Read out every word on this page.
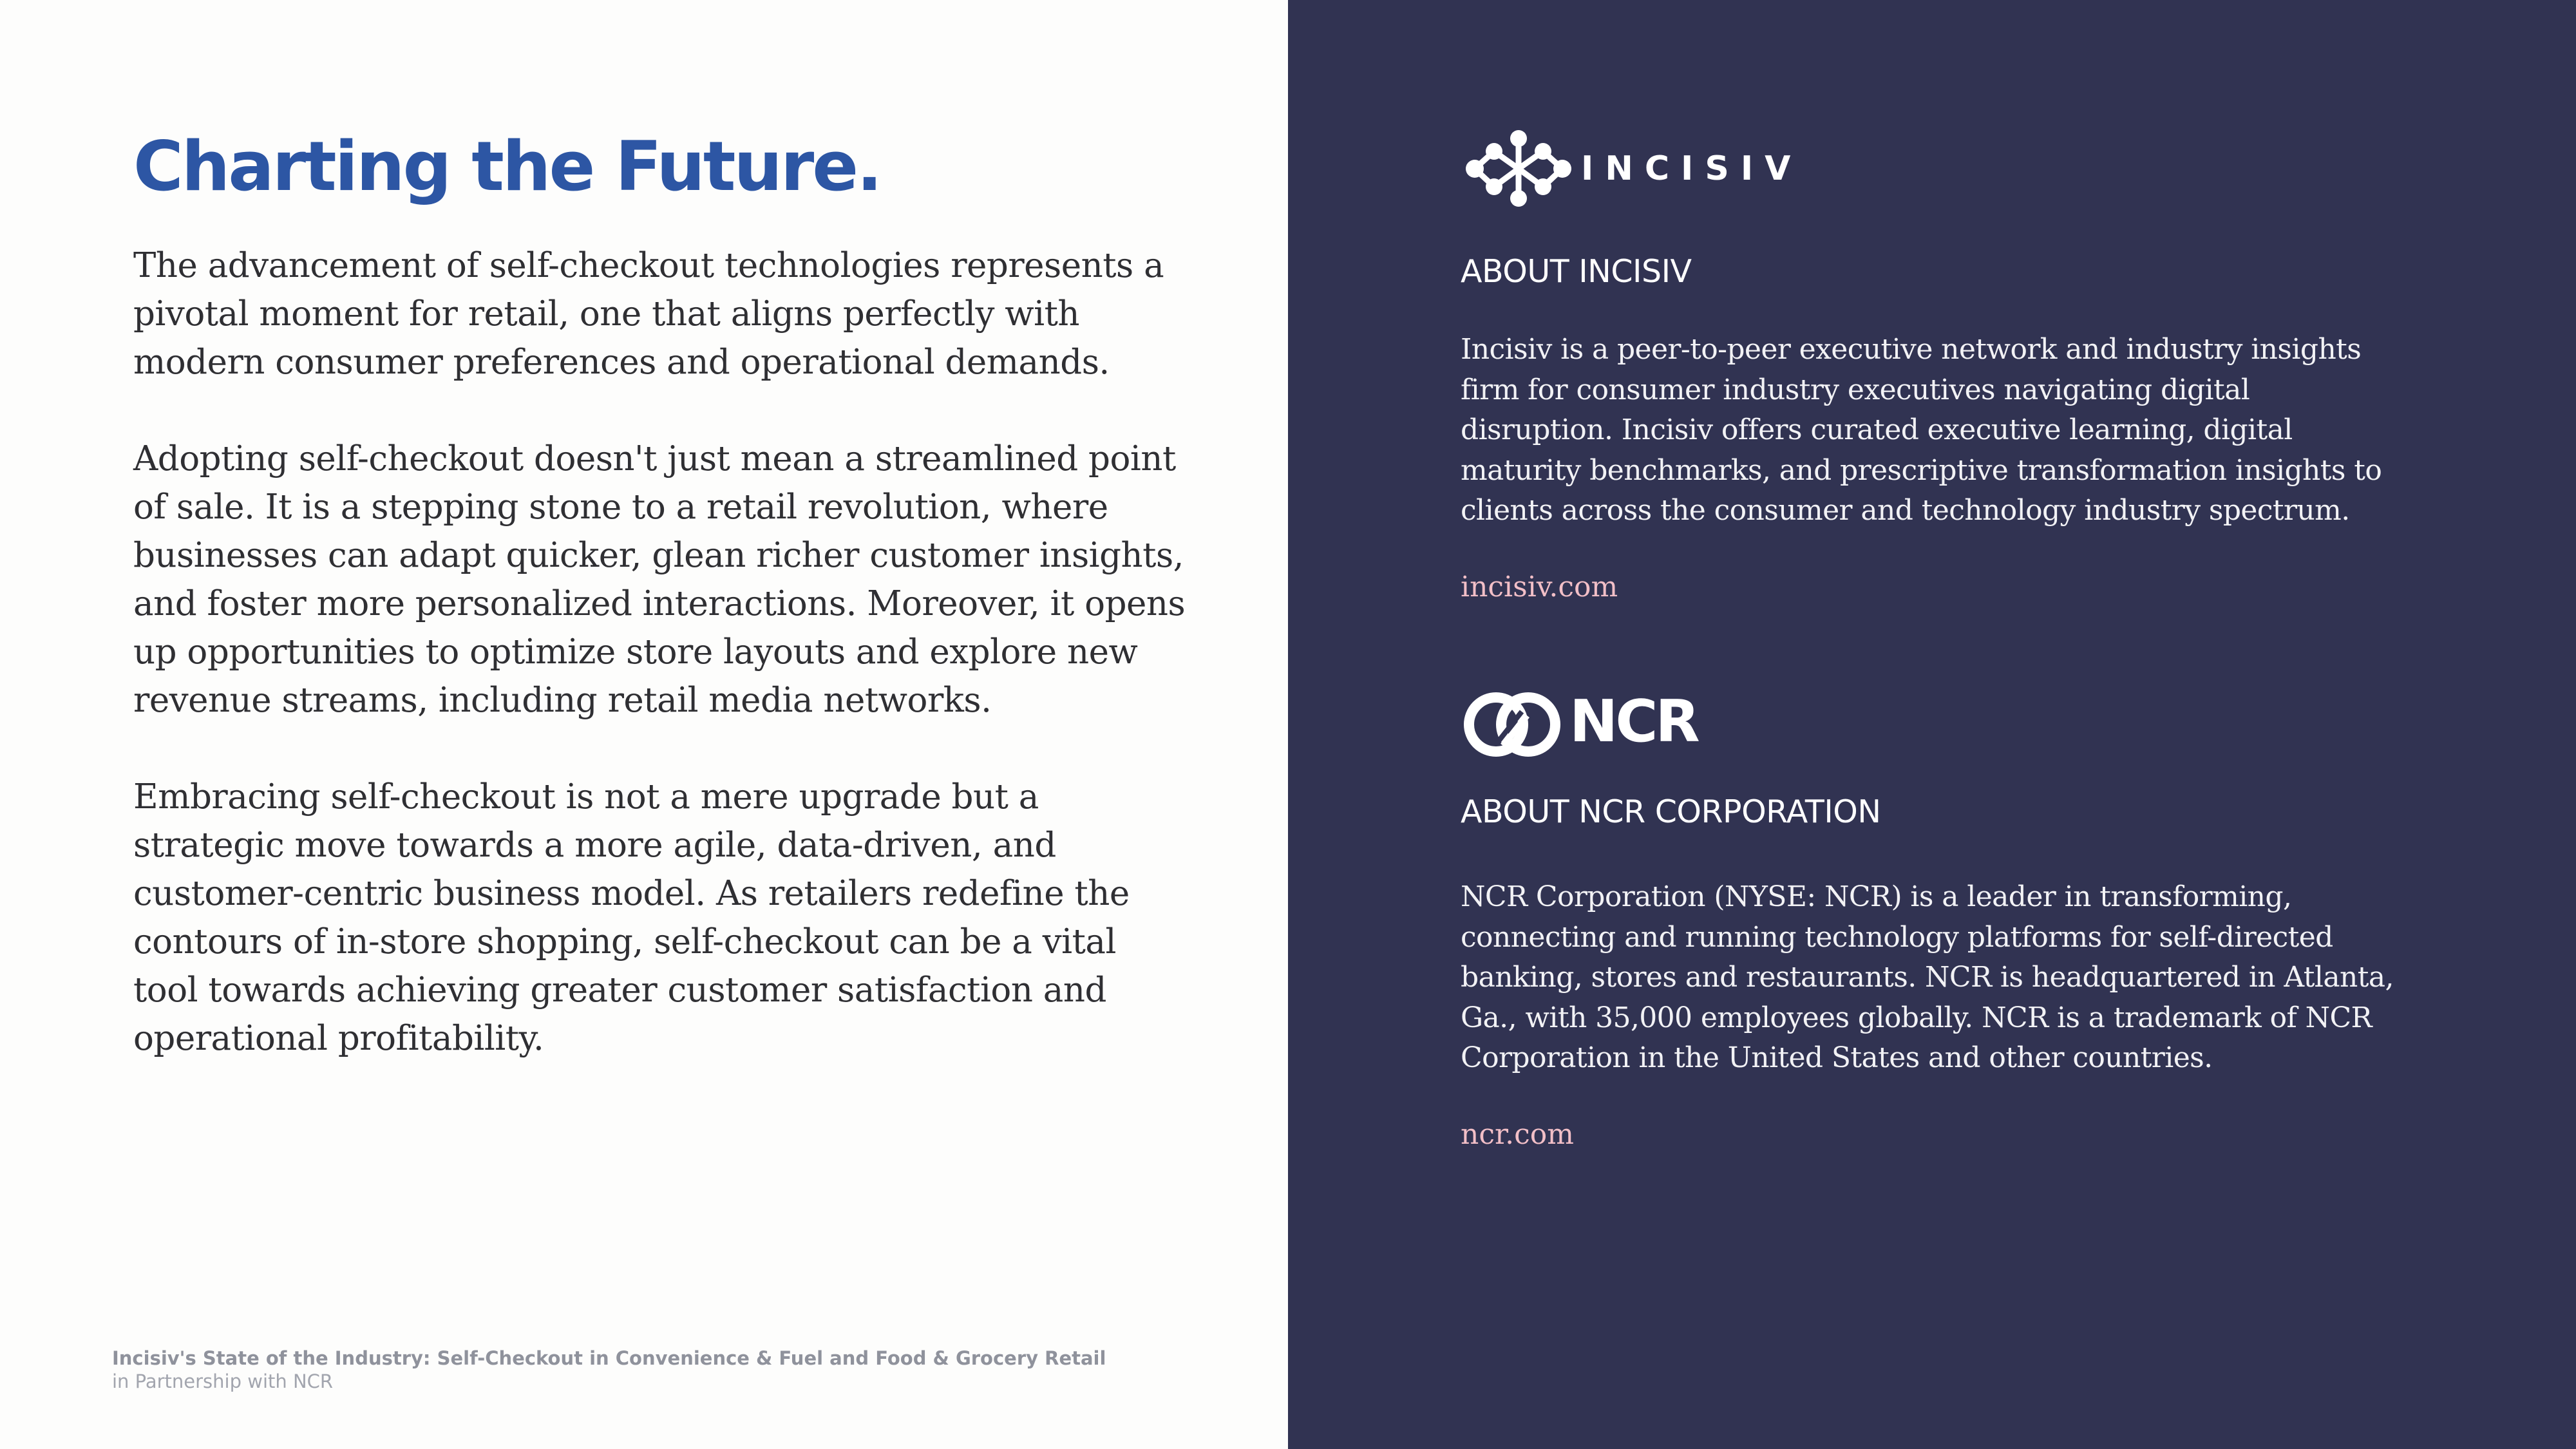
Charting the Future.

The advancement of self-checkout technologies represents a pivotal moment for retail, one that aligns perfectly with modern consumer preferences and operational demands.

Adopting self-checkout doesn't just mean a streamlined point of sale. It is a stepping stone to a retail revolution, where businesses can adapt quicker, glean richer customer insights, and foster more personalized interactions. Moreover, it opens up opportunities to optimize store layouts and explore new revenue streams, including retail media networks.

Embracing self-checkout is not a mere upgrade but a strategic move towards a more agile, data-driven, and customer-centric business model. As retailers redefine the contours of in-store shopping, self-checkout can be a vital tool towards achieving greater customer satisfaction and operational profitability.

Incisiv's State of the Industry: Self-Checkout in Convenience & Fuel and Food & Grocery Retail
in Partnership with NCR
INCISIV
ABOUT INCISIV

Incisiv is a peer-to-peer executive network and industry insights firm for consumer industry executives navigating digital disruption. Incisiv offers curated executive learning, digital maturity benchmarks, and prescriptive transformation insights to clients across the consumer and technology industry spectrum.

incisiv.com
NCR
ABOUT NCR CORPORATION

NCR Corporation (NYSE: NCR) is a leader in transforming, connecting and running technology platforms for self-directed banking, stores and restaurants. NCR is headquartered in Atlanta, Ga., with 35,000 employees globally. NCR is a trademark of NCR Corporation in the United States and other countries.

ncr.com
